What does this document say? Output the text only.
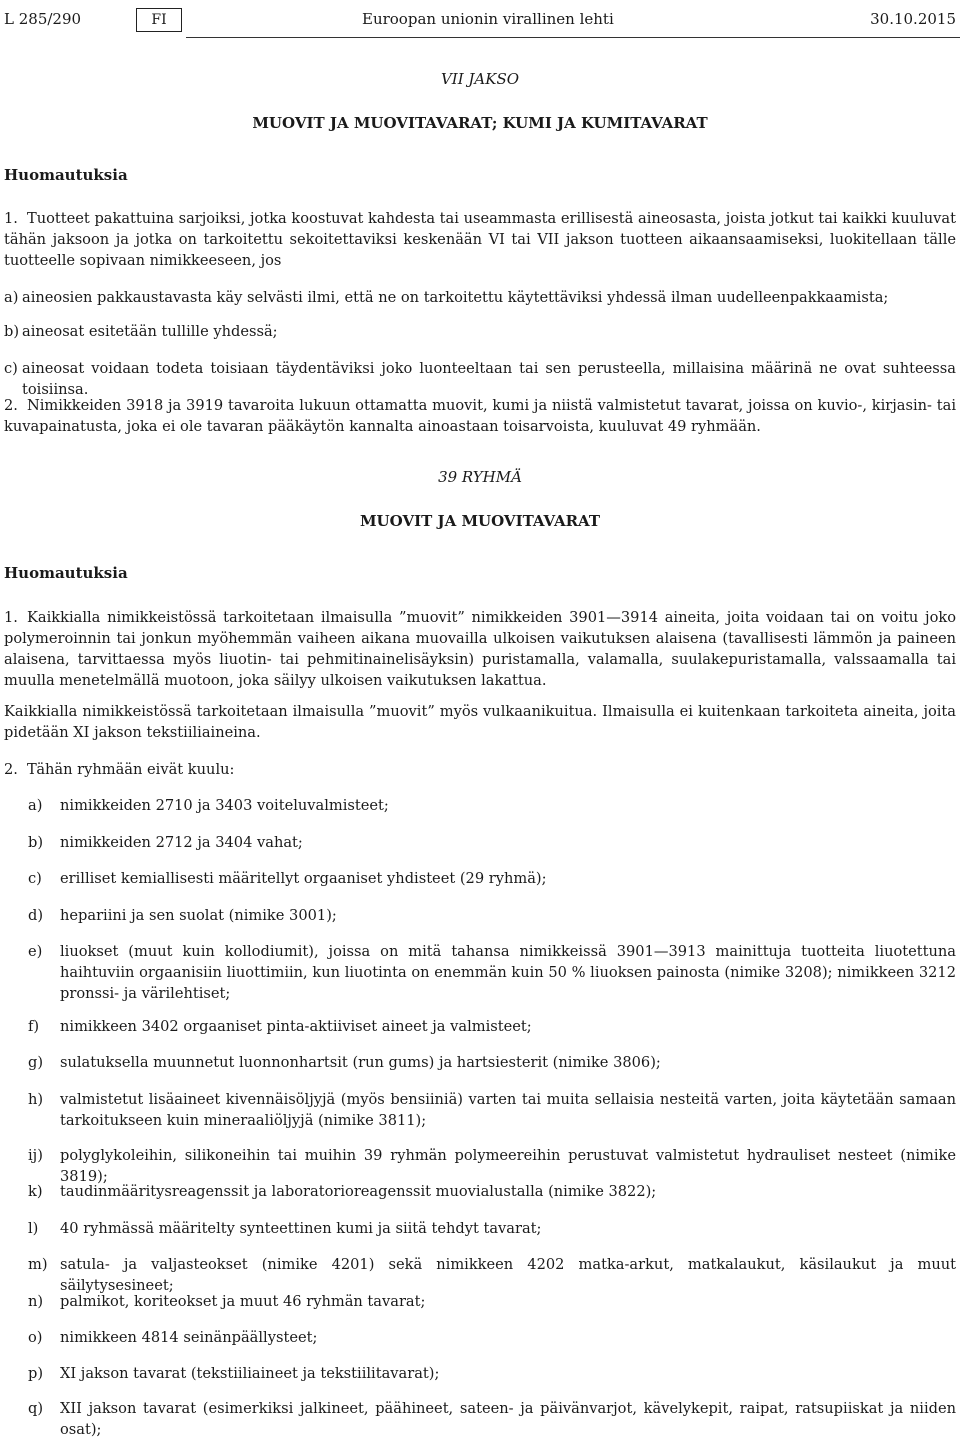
L 285/290	FI	Euroopan unionin virallinen lehti	30.10.2015
VII JAKSO
MUOVIT JA MUOVITAVARAT; KUMI JA KUMITAVARAT
Huomautuksia
1. Tuotteet pakattuina sarjoiksi, jotka koostuvat kahdesta tai useammasta erillisestä aineosasta, joista jotkut tai kaikki kuuluvat tähän jaksoon ja jotka on tarkoitettu sekoitettaviksi keskenään VI tai VII jakson tuotteen aikaansaamiseksi, luokitellaan tälle tuotteelle sopivaan nimikkeeseen, jos

a) aineosien pakkaustavasta käy selvästi ilmi, että ne on tarkoitettu käytettäviksi yhdessä ilman uudelleenpakkaamista;

b) aineosat esitetään tullille yhdessä;

c) aineosat voidaan todeta toisiaan täydentäviksi joko luonteeltaan tai sen perusteella, millaisina määrinä ne ovat suhteessa toisiinsa.

2. Nimikkeiden 3918 ja 3919 tavaroita lukuun ottamatta muovit, kumi ja niistä valmistetut tavarat, joissa on kuvio-, kirjasin- tai kuvapainatusta, joka ei ole tavaran pääkäytön kannalta ainoastaan toisarvoista, kuuluvat 49 ryhmään.

39 RYHMÄ
MUOVIT JA MUOVITAVARAT
Huomautuksia
1. Kaikkialla nimikkeistössä tarkoitetaan ilmaisulla ”muovit” nimikkeiden 3901—3914 aineita, joita voidaan tai on voitu joko polymeroinnin tai jonkun myöhemmän vaiheen aikana muovailla ulkoisen vaikutuksen alaisena (tavallisesti lämmön ja paineen alaisena, tarvittaessa myös liuotin- tai pehmitinainelisäyksin) puristamalla, valamalla, suulakepuristamalla, valssaamalla tai muulla menetelmällä muotoon, joka säilyy ulkoisen vaikutuksen lakattua.

Kaikkialla nimikkeistössä tarkoitetaan ilmaisulla ”muovit” myös vulkaanikuitua. Ilmaisulla ei kuitenkaan tarkoiteta aineita, joita pidetään XI jakson tekstiiliaineina.

2. Tähän ryhmään eivät kuulu:

a) nimikkeiden 2710 ja 3403 voiteluvalmisteet;

b) nimikkeiden 2712 ja 3404 vahat;

c) erilliset kemiallisesti määritellyt orgaaniset yhdisteet (29 ryhmä);

d) hepariini ja sen suolat (nimike 3001);

e) liuokset (muut kuin kollodiumit), joissa on mitä tahansa nimikkeissä 3901—3913 mainittuja tuotteita liuotettuna haihtuviin orgaanisiin liuottimiin, kun liuotinta on enemmän kuin 50 % liuoksen painosta (nimike 3208); nimikkeen 3212 pronssi- ja värilehtiset;

f) nimikkeen 3402 orgaaniset pinta-aktiiviset aineet ja valmisteet;

g) sulatuksella muunnetut luonnonhartsit (run gums) ja hartsiesterit (nimike 3806);

h) valmistetut lisäaineet kivennäisöljyjä (myös bensiiniä) varten tai muita sellaisia nesteitä varten, joita käytetään samaan tarkoitukseen kuin mineraaliöljyjä (nimike 3811);

ij) polyglykoleihin, silikoneihin tai muihin 39 ryhmän polymeereihin perustuvat valmistetut hydrauliset nesteet (nimike 3819);

k) taudinmääritysreagenssit ja laboratorioreagenssit muovialustalla (nimike 3822);

l) 40 ryhmässä määritelty synteettinen kumi ja siitä tehdyt tavarat;

m) satula- ja valjasteokset (nimike 4201) sekä nimikkeen 4202 matka-arkut, matkalaukut, käsilaukut ja muut säilytysesineet;

n) palmikot, koriteokset ja muut 46 ryhmän tavarat;

o) nimikkeen 4814 seinänpäällysteet;

p) XI jakson tavarat (tekstiiliaineet ja tekstiilitavarat);

q) XII jakson tavarat (esimerkiksi jalkineet, päähineet, sateen- ja päivänvarjot, kävelykepit, raipat, ratsupiiskat ja niiden osat);
